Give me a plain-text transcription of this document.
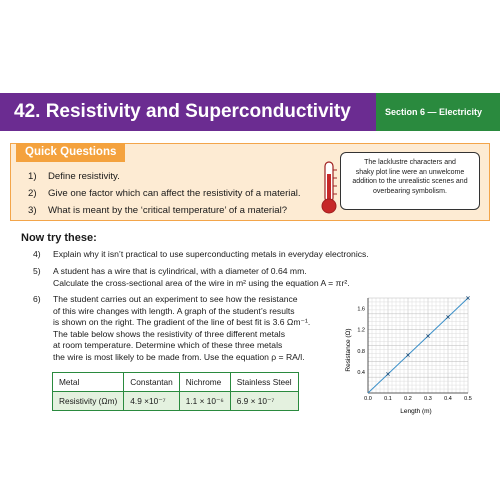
42. Resistivity and Superconductivity	Section 6 — Electricity
Quick Questions
1) Define resistivity.
2) Give one factor which can affect the resistivity of a material.
3) What is meant by the ‘critical temperature’ of a material?
The lacklustre characters and
shaky plot line were an unwelcome
addition to the unrealistic scenes and
overbearing symbolism.
Now try these:
4) Explain why it isn’t practical to use superconducting metals in everyday electronics.
5) A student has a wire that is cylindrical, with a diameter of 0.64 mm.
Calculate the cross-sectional area of the wire in m² using the equation A = πr².
6) The student carries out an experiment to see how the resistance
of this wire changes with length. A graph of the student’s results
is shown on the right. The gradient of the line of best fit is 3.6 Ωm⁻¹.
The table below shows the resistivity of three different metals
at room temperature. Determine which of these three metals
the wire is most likely to be made from. Use the equation ρ = RA/l.
Metal	Constantan	Nichrome	Stainless Steel
Resistivity (Ωm)	4.9 ×10⁻⁷	1.1 × 10⁻⁶	6.9 × 10⁻⁷	0.0 0.1 0.2 0.3 0.4 0.5
0.4
0.8
1.2
1.6
Length (m)
Resistance (Ω)
